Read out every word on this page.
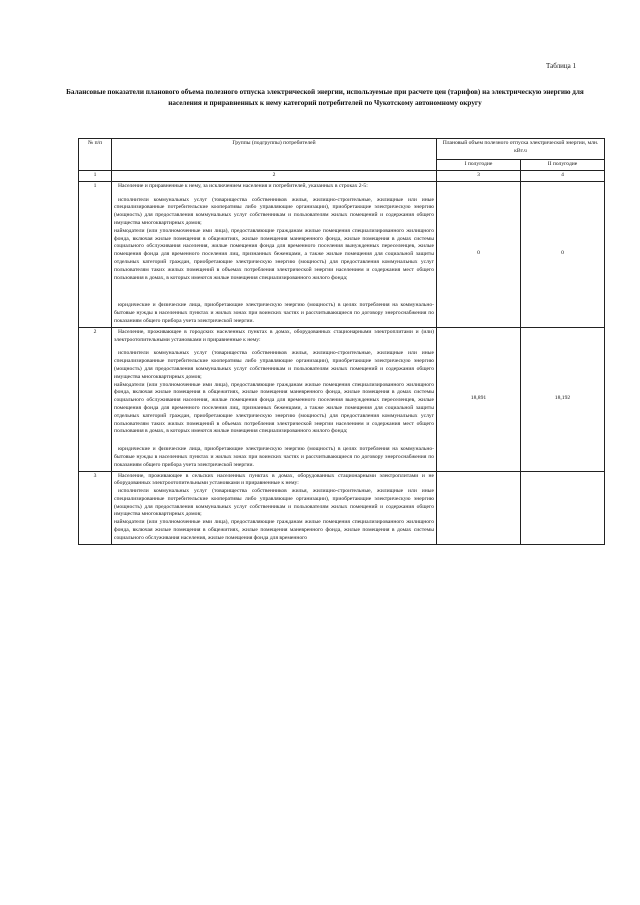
Таблица 1
Балансовые показатели планового объема полезного отпуска электрической энергии, используемые при расчете цен (тарифов) на электрическую энергию для населения и приравненных к нему категорий потребителей по Чукотскому автономному округу
№ п/п	Группы (подгруппы) потребителей	Плановый объем полезного отпуска электрической энергии, млн. кВт.ч	
		I полугодие	II полугодие
1	2	3	4
1	Население и приравненные к нему, за исключением населения и потребителей, указанных в строках 2-5:

исполнители коммунальных услуг (товарищества собственников жилья, жилищно-строительные, жилищные или иные специализированные потребительские кооперативы либо управляющие организации), приобретающие электрическую энергию (мощность) для предоставления коммунальных услуг собственникам и пользователям жилых помещений и содержания общего имущества многоквартирных домов;

наймодатели (или уполномоченные ими лица), предоставляющие гражданам жилые помещения специализированного жилищного фонда, включая жилые помещения в общежитиях, жилые помещения маневренного фонда, жилые помещения в домах системы социального обслуживания населения, жилые помещения фонда для временного поселения вынужденных переселенцев, жилые помещения фонда для временного поселения лиц, признанных беженцами, а также жилые помещения для социальной защиты отдельных категорий граждан, приобретающие электрическую энергию (мощность) для предоставления коммунальных услуг пользователям таких жилых помещений в объемах потребления электрической энергии населением и содержания мест общего пользования в домах, в которых имеются жилые помещения специализированного жилого фонда;

юридические и физические лица, приобретающие электрическую энергию (мощность) в целях потребления на коммунально-бытовые нужды в населенных пунктах и жилых зонах при воинских частях и рассчитывающиеся по договору энергоснабжения по показаниям общего прибора учета электрической энергии.	0	0
2	Население, проживающее в городских населенных пунктах в домах, оборудованных стационарными электроплитами и (или) электроотопительными установками и приравненные к нему:

исполнители коммунальных услуг (товарищества собственников жилья, жилищно-строительные, жилищные или иные специализированные потребительские кооперативы либо управляющие организации), приобретающие электрическую энергию (мощность) для предоставления коммунальных услуг собственникам и пользователям жилых помещений и содержания общего имущества многоквартирных домов;

наймодатели (или уполномоченные ими лица), предоставляющие гражданам жилые помещения специализированного жилищного фонда, включая жилые помещения в общежитиях, жилые помещения маневренного фонда, жилые помещения в домах системы социального обслуживания населения, жилые помещения фонда для временного поселения вынужденных переселенцев, жилые помещения фонда для временного поселения лиц, признанных беженцами, а также жилые помещения для социальной защиты отдельных категорий граждан, приобретающие электрическую энергию (мощность) для предоставления коммунальных услуг пользователям таких жилых помещений в объемах потребления электрической энергии населением и содержания мест общего пользования в домах, в которых имеются жилые помещения специализированного жилого фонда;

юридические и физические лица, приобретающие электрическую энергию (мощность) в целях потребления на коммунально-бытовые нужды в населенных пунктах и жилых зонах при воинских частях и рассчитывающиеся по договору энергоснабжения по показаниям общего прибора учета электрической энергии.	18,891	18,192
3	Население, проживающее в сельских населенных пунктах в домах, оборудованных стационарными электроплитами и не оборудованных электроотопительными установками и приравненные к нему:

исполнители коммунальных услуг (товарищества собственников жилья, жилищно-строительные, жилищные или иные специализированные потребительские кооперативы либо управляющие организации), приобретающие электрическую энергию (мощность) для предоставления коммунальных услуг собственникам и пользователям жилых помещений и содержания общего имущества многоквартирных домов;

наймодатели (или уполномоченные ими лица), предоставляющие гражданам жилые помещения специализированного жилищного фонда, включая жилые помещения в общежитиях, жилые помещения маневренного фонда, жилые помещения в домах системы социального обслуживания населения, жилые помещения фонда для временного		
